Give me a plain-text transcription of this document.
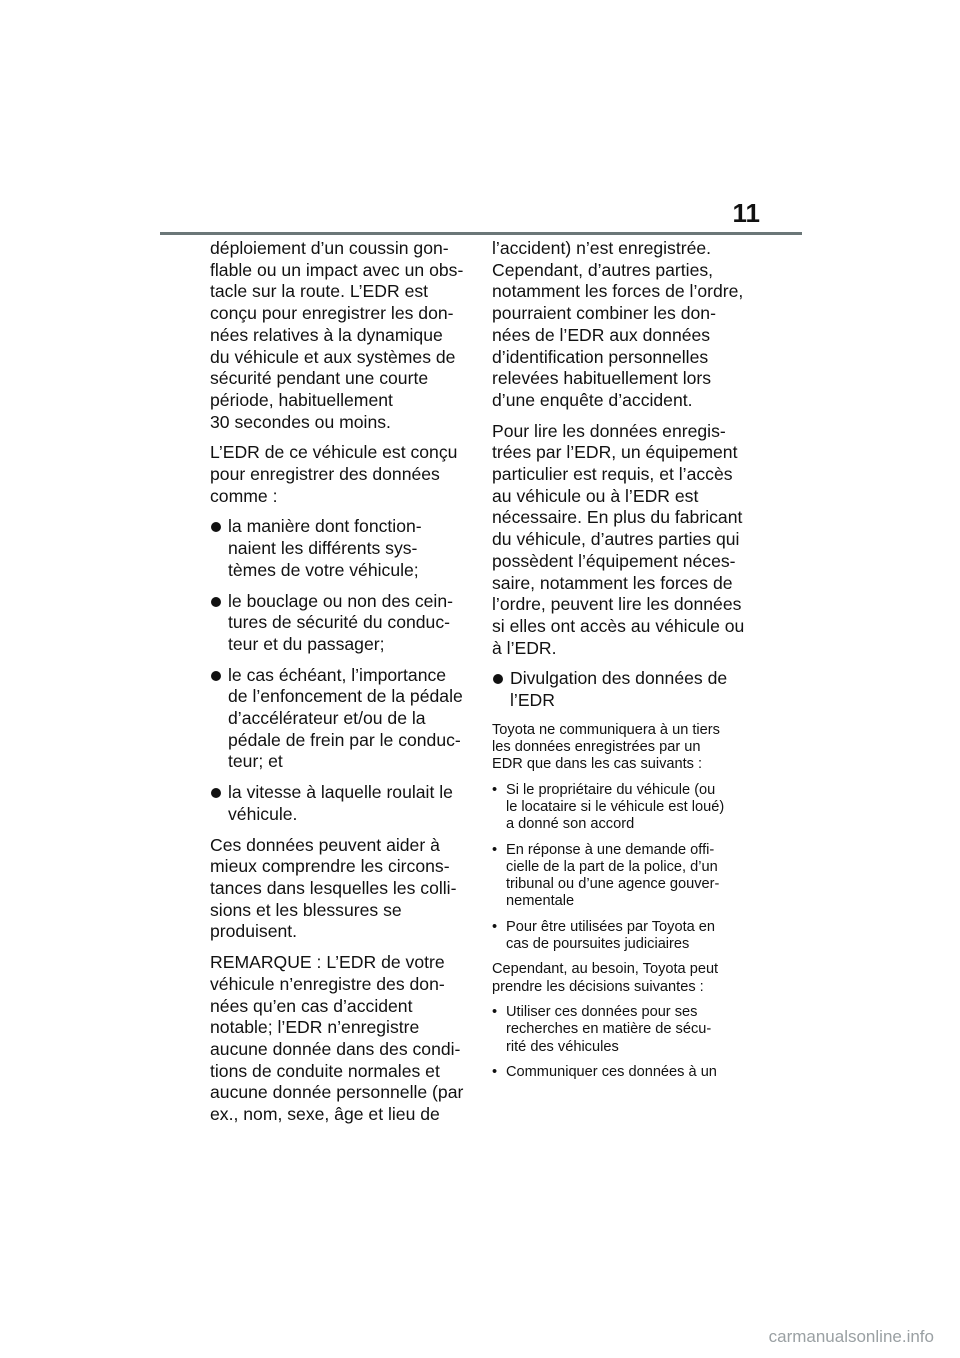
11

déploiement d’un coussin gon-
flable ou un impact avec un obs-
tacle sur la route. L’EDR est
conçu pour enregistrer les don-
nées relatives à la dynamique
du véhicule et aux systèmes de
sécurité pendant une courte
période, habituellement
30 secondes ou moins.

L’EDR de ce véhicule est conçu
pour enregistrer des données
comme :

la manière dont fonction-
naient les différents sys-
tèmes de votre véhicule;

le bouclage ou non des cein-
tures de sécurité du conduc-
teur et du passager;

le cas échéant, l’importance
de l’enfoncement de la pédale
d’accélérateur et/ou de la
pédale de frein par le conduc-
teur; et

la vitesse à laquelle roulait le
véhicule.

Ces données peuvent aider à
mieux comprendre les circons-
tances dans lesquelles les colli-
sions et les blessures se
produisent.

REMARQUE : L’EDR de votre
véhicule n’enregistre des don-
nées qu’en cas d’accident
notable; l’EDR n’enregistre
aucune donnée dans des condi-
tions de conduite normales et
aucune donnée personnelle (par
ex., nom, sexe, âge et lieu de

l’accident) n’est enregistrée.
Cependant, d’autres parties,
notamment les forces de l’ordre,
pourraient combiner les don-
nées de l’EDR aux données
d’identification personnelles
relevées habituellement lors
d’une enquête d’accident.

Pour lire les données enregis-
trées par l’EDR, un équipement
particulier est requis, et l’accès
au véhicule ou à l’EDR est
nécessaire. En plus du fabricant
du véhicule, d’autres parties qui
possèdent l’équipement néces-
saire, notamment les forces de
l’ordre, peuvent lire les données
si elles ont accès au véhicule ou
à l’EDR.

Divulgation des données de
l’EDR

Toyota ne communiquera à un tiers
les données enregistrées par un
EDR que dans les cas suivants :

• Si le propriétaire du véhicule (ou
le locataire si le véhicule est loué)
a donné son accord

• En réponse à une demande offi-
cielle de la part de la police, d’un
tribunal ou d’une agence gouver-
nementale

• Pour être utilisées par Toyota en
cas de poursuites judiciaires

Cependant, au besoin, Toyota peut
prendre les décisions suivantes :

• Utiliser ces données pour ses
recherches en matière de sécu-
rité des véhicules

• Communiquer ces données à un

carmanualsonline.info
